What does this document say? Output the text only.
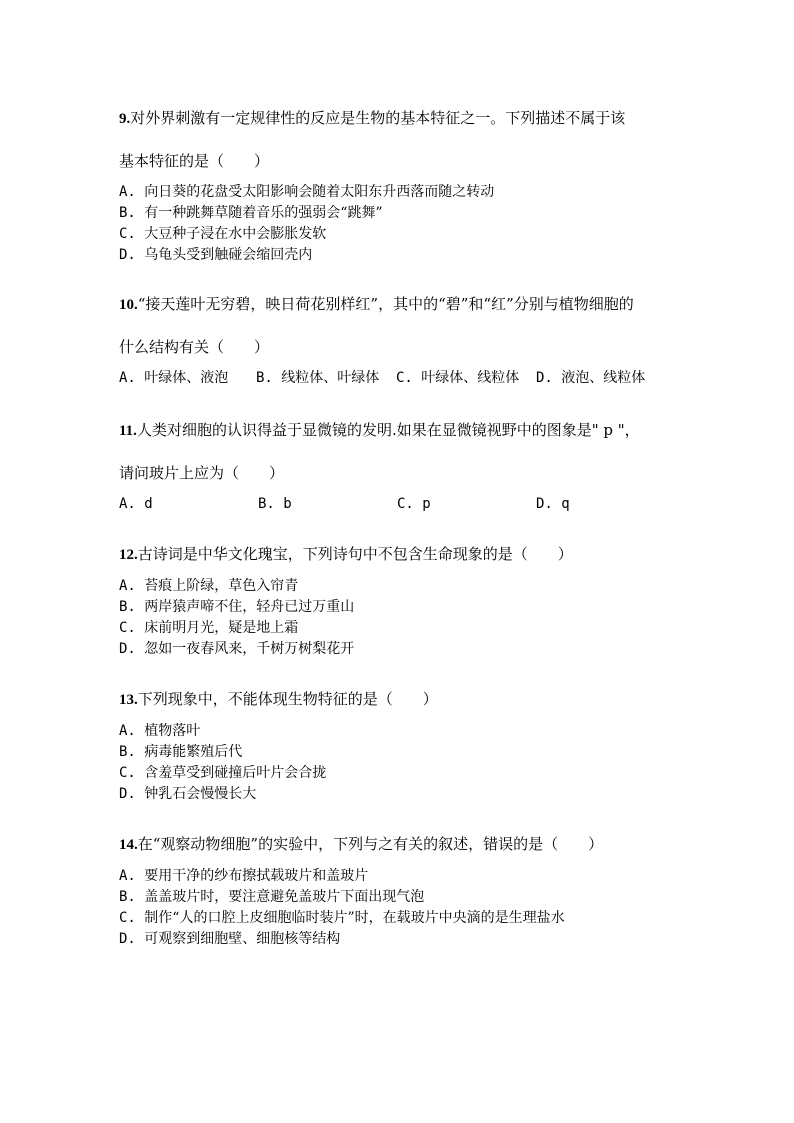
9.对外界刺激有一定规律性的反应是生物的基本特征之一。下列描述不属于该
基本特征的是（　　）
A. 向日葵的花盘受太阳影响会随着太阳东升西落而随之转动
B. 有一种跳舞草随着音乐的强弱会“跳舞”
C. 大豆种子浸在水中会膨胀发软
D. 乌龟头受到触碰会缩回壳内
10.“接天莲叶无穷碧，映日荷花别样红”，其中的“碧”和“红”分别与植物细胞的
什么结构有关（　　）
A. 叶绿体、液泡	B. 线粒体、叶绿体	C. 叶绿体、线粒体	D. 液泡、线粒体
11.人类对细胞的认识得益于显微镜的发明.如果在显微镜视野中的图象是" p "，
请问玻片上应为（　　）
A. d	B. b	C. p	D. q
12.古诗词是中华文化瑰宝，下列诗句中不包含生命现象的是（　　）
A. 苔痕上阶绿，草色入帘青
B. 两岸猿声啼不住，轻舟已过万重山
C. 床前明月光，疑是地上霜
D. 忽如一夜春风来，千树万树梨花开
13.下列现象中，不能体现生物特征的是（　　）
A. 植物落叶
B. 病毒能繁殖后代
C. 含羞草受到碰撞后叶片会合拢
D. 钟乳石会慢慢长大
14.在“观察动物细胞”的实验中，下列与之有关的叙述，错误的是（　　）
A. 要用干净的纱布擦拭载玻片和盖玻片
B. 盖盖玻片时，要注意避免盖玻片下面出现气泡
C. 制作“人的口腔上皮细胞临时装片”时，在载玻片中央滴的是生理盐水
D. 可观察到细胞壁、细胞核等结构
